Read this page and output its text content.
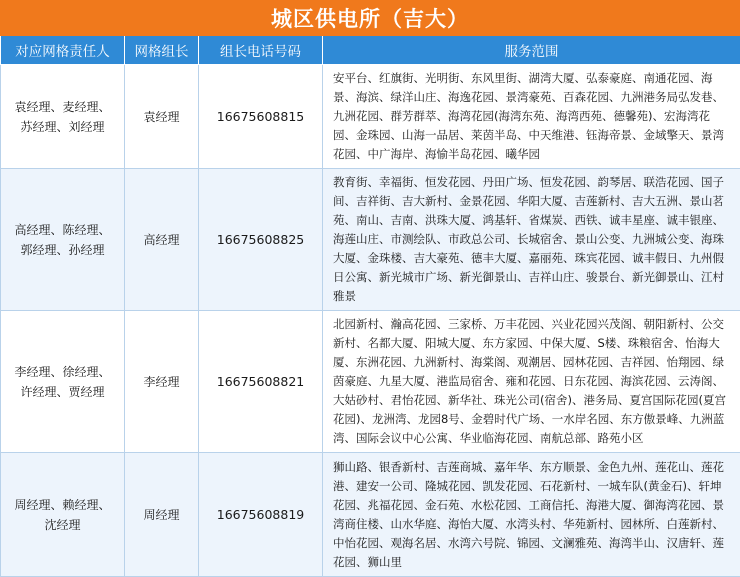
城区供电所（吉大）
对应网格责任人	网格组长	组长电话号码	服务范围
袁经理、麦经理、苏经理、刘经理	袁经理	16675608815	安平台、红旗街、光明街、东风里街、湖湾大厦、弘泰豪庭、南通花园、海景、海滨、绿洋山庄、海逸花园、景湾豪苑、百森花园、九洲港务局弘发巷、九洲花园、群芳群萃、海湾花园(海湾东苑、海湾西苑、德馨苑)、宏海湾花园、金珠园、山海一品居、莱茵半岛、中天维港、钰海帝景、金域擎天、景湾花园、中广海岸、海愉半岛花园、曦华园
高经理、陈经理、郭经理、孙经理	高经理	16675608825	教育街、幸福街、恒发花园、丹田广场、恒发花园、韵琴居、联浩花园、国子间、吉祥街、吉大新村、金景花园、华阳大厦、吉莲新村、吉大五洲、景山茗苑、南山、吉南、洪珠大厦、鸿基轩、省煤炭、西铁、诚丰星座、诚丰银座、海莲山庄、市测绘队、市政总公司、长城宿舍、景山公变、九洲城公变、海珠大厦、金珠楼、吉大豪苑、德丰大厦、嘉丽苑、珠宾花园、诚丰假日、九州假日公寓、新光城市广场、新光御景山、吉祥山庄、骏景台、新光御景山、江村雅景
李经理、徐经理、许经理、贾经理	李经理	16675608821	北园新村、瀚高花园、三家桥、万丰花园、兴业花园兴茂阁、朝阳新村、公交新村、名都大厦、阳城大厦、东方家园、中保大厦、S楼、珠粮宿舍、怡海大厦、东洲花园、九洲新村、海棠阁、观潮居、园林花园、吉祥园、怡翔园、绿茵豪庭、九星大厦、港监局宿舍、雍和花园、日东花园、海滨花园、云涛阁、大姑砂村、君怡花园、新华社、珠光公司(宿舍)、港务局、夏宫国际花园(夏宫花园)、龙洲湾、龙园8号、金碧时代广场、一水岸名园、东方傲景峰、九洲蓝湾、国际会议中心公寓、华业临海花园、南航总部、路苑小区
周经理、赖经理、沈经理	周经理	16675608819	狮山路、银香新村、吉莲商城、嘉年华、东方顺景、金色九州、莲花山、莲花港、建安一公司、隆城花园、凯发花园、石花新村、一城车队(黄金石)、轩坤花园、兆福花园、金石苑、水松花园、工商信托、海港大厦、御海湾花园、景湾商住楼、山水华庭、海怡大厦、水湾头村、华苑新村、园林所、白莲新村、中怡花园、观海名居、水湾六号院、锦园、文澜雅苑、海湾半山、汉唐轩、莲花园、狮山里
